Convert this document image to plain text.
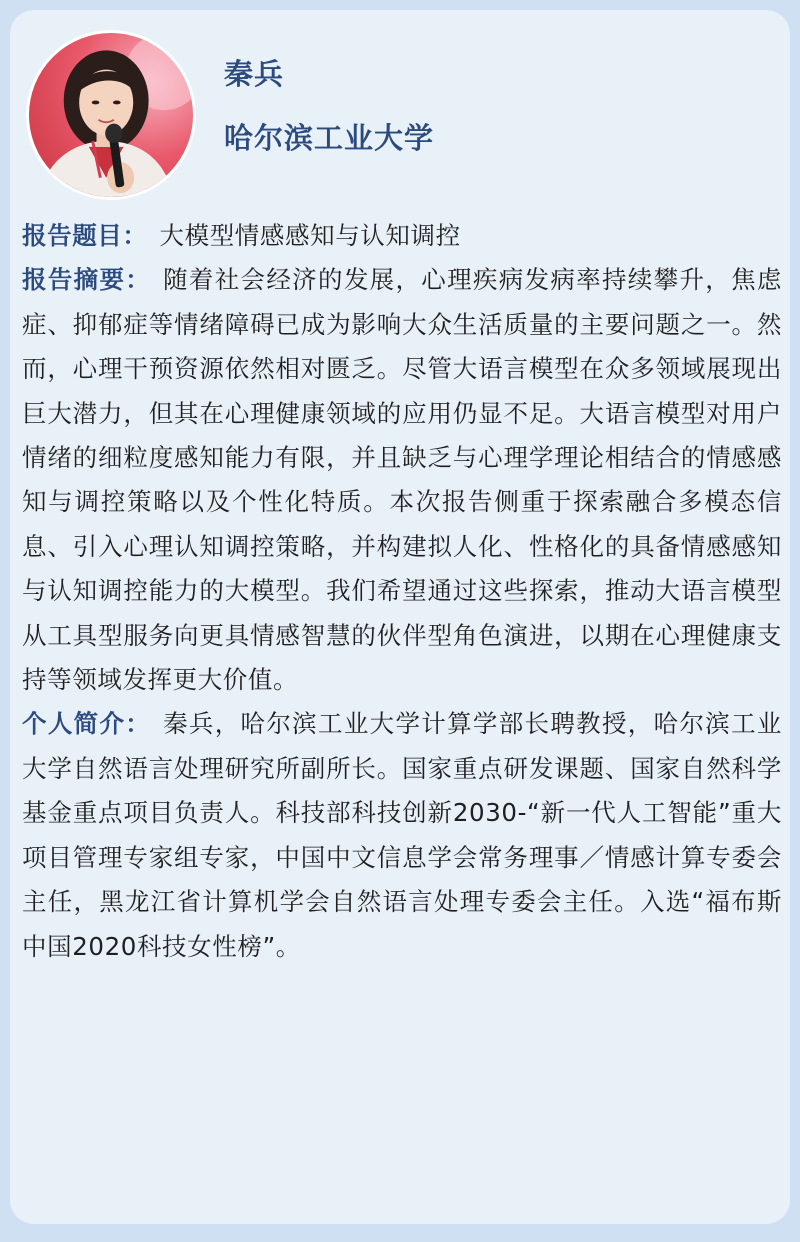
秦兵
哈尔滨工业大学

报告题目： 大模型情感感知与认知调控

报告摘要： 随着社会经济的发展，心理疾病发病率持续攀升，焦虑症、抑郁症等情绪障碍已成为影响大众生活质量的主要问题之一。然而，心理干预资源依然相对匮乏。尽管大语言模型在众多领域展现出巨大潜力，但其在心理健康领域的应用仍显不足。大语言模型对用户情绪的细粒度感知能力有限，并且缺乏与心理学理论相结合的情感感知与调控策略以及个性化特质。本次报告侧重于探索融合多模态信息、引入心理认知调控策略，并构建拟人化、性格化的具备情感感知与认知调控能力的大模型。我们希望通过这些探索，推动大语言模型从工具型服务向更具情感智慧的伙伴型角色演进，以期在心理健康支持等领域发挥更大价值。

个人简介： 秦兵，哈尔滨工业大学计算学部长聘教授，哈尔滨工业大学自然语言处理研究所副所长。国家重点研发课题、国家自然科学基金重点项目负责人。科技部科技创新2030-“新一代人工智能”重大项目管理专家组专家，中国中文信息学会常务理事／情感计算专委会主任，黑龙江省计算机学会自然语言处理专委会主任。入选“福布斯中国2020科技女性榜”。
